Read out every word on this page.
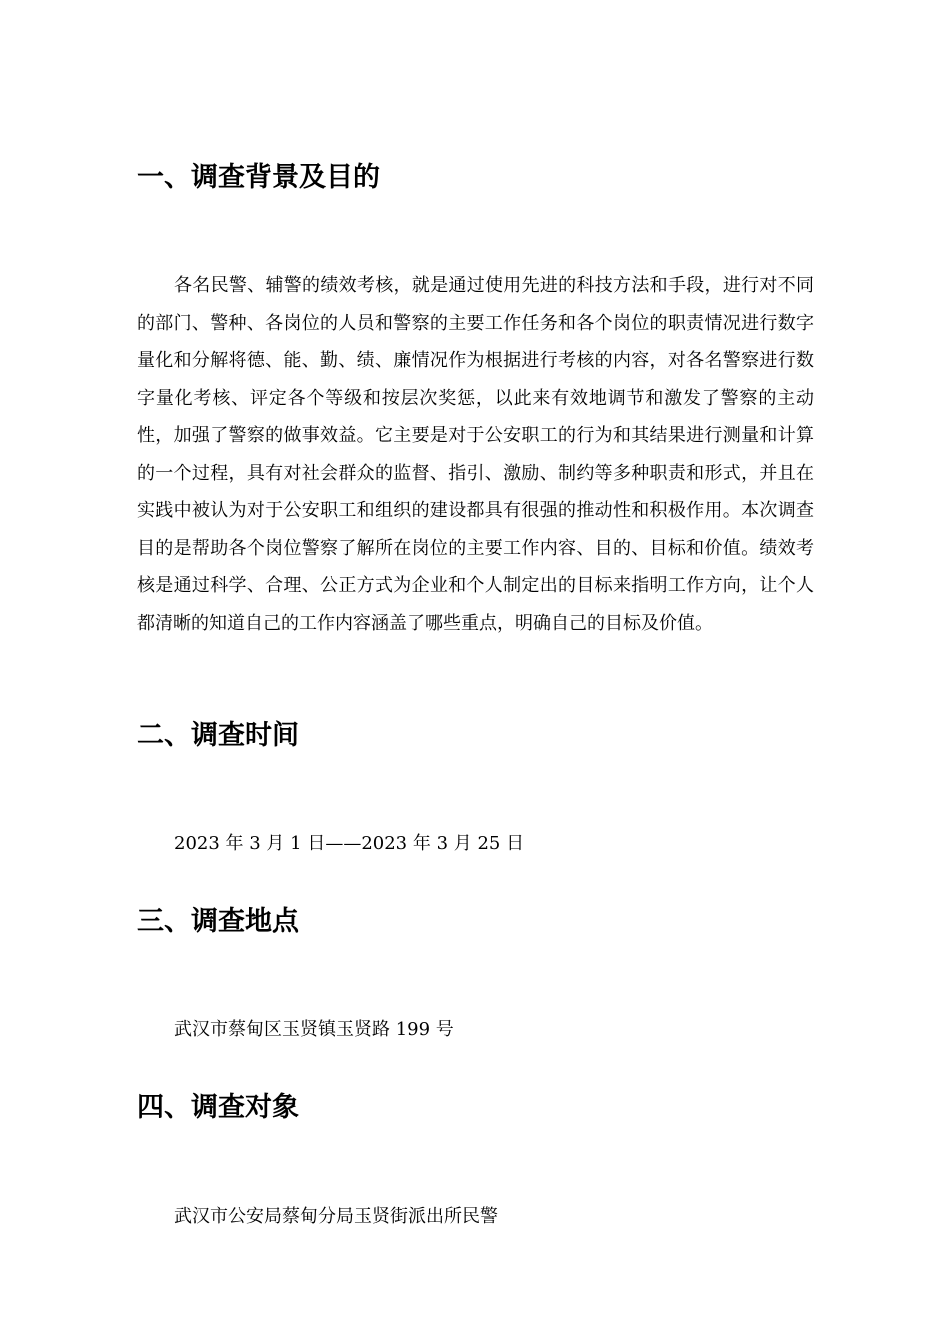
一、调查背景及目的

各名民警、辅警的绩效考核，就是通过使用先进的科技方法和手段，进行对不同的部门、警种、各岗位的人员和警察的主要工作任务和各个岗位的职责情况进行数字量化和分解将德、能、勤、绩、廉情况作为根据进行考核的内容，对各名警察进行数字量化考核、评定各个等级和按层次奖惩，以此来有效地调节和激发了警察的主动性，加强了警察的做事效益。它主要是对于公安职工的行为和其结果进行测量和计算的一个过程，具有对社会群众的监督、指引、激励、制约等多种职责和形式，并且在实践中被认为对于公安职工和组织的建设都具有很强的推动性和积极作用。本次调查目的是帮助各个岗位警察了解所在岗位的主要工作内容、目的、目标和价值。绩效考核是通过科学、合理、公正方式为企业和个人制定出的目标来指明工作方向，让个人都清晰的知道自己的工作内容涵盖了哪些重点，明确自己的目标及价值。

二、调查时间

2023 年 3 月 1 日——2023 年 3 月 25 日

三、调查地点

武汉市蔡甸区玉贤镇玉贤路 199 号

四、调查对象

武汉市公安局蔡甸分局玉贤街派出所民警
